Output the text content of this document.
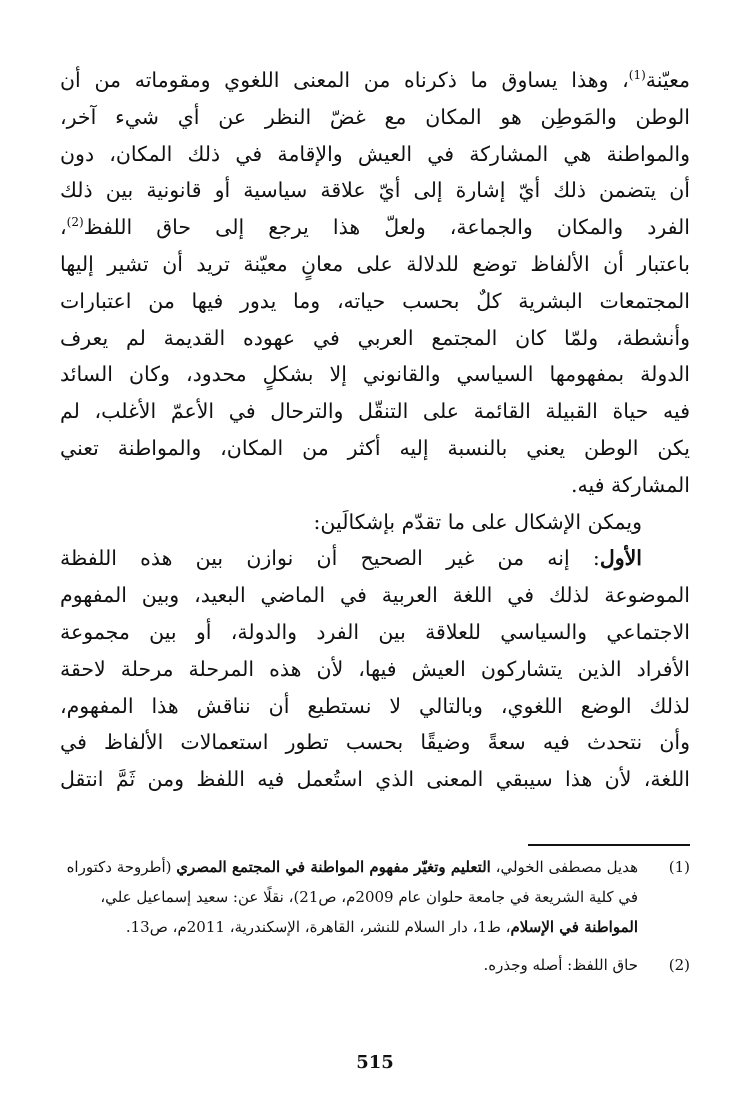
معيّنة$^{(1)}$، وهذا يساوق ما ذكرناه من المعنى اللغوي ومقوماته من أن
الوطن والمَوطِن هو المكان مع غضّ النظر عن أي شيء آخر،
والمواطنة هي المشاركة في العيش والإقامة في ذلك المكان، دون
أن يتضمن ذلك أيّ إشارة إلى أيّ علاقة سياسية أو قانونية بين ذلك
الفرد والمكان والجماعة، ولعلّ هذا يرجع إلى حاق اللفظ$^{(2)}$،
باعتبار أن الألفاظ توضع للدلالة على معانٍ معيّنة تريد أن تشير إليها
المجتمعات البشرية كلٌ بحسب حياته، وما يدور فيها من اعتبارات
وأنشطة، ولمّا كان المجتمع العربي في عهوده القديمة لم يعرف
الدولة بمفهومها السياسي والقانوني إلا بشكلٍ محدود، وكان السائد
فيه حياة القبيلة القائمة على التنقّل والترحال في الأعمّ الأغلب، لم
يكن الوطن يعني بالنسبة إليه أكثر من المكان، والمواطنة تعني
المشاركة فيه.
ويمكن الإشكال على ما تقدّم بإشكالَين:
الأول: إنه من غير الصحيح أن نوازن بين هذه اللفظة
الموضوعة لذلك في اللغة العربية في الماضي البعيد، وبين المفهوم
الاجتماعي والسياسي للعلاقة بين الفرد والدولة، أو بين مجموعة
الأفراد الذين يتشاركون العيش فيها، لأن هذه المرحلة مرحلة لاحقة
لذلك الوضع اللغوي، وبالتالي لا نستطيع أن نناقش هذا المفهوم،
وأن نتحدث فيه سعةً وضيقًا بحسب تطور استعمالات الألفاظ في
اللغة، لأن هذا سيبقي المعنى الذي استُعمل فيه اللفظ ومن ثَمَّ انتقل
(1)
هديل مصطفى الخولي، التعليم وتغيّر مفهوم المواطنة في المجتمع المصري (أطروحة دكتوراه في كلية الشريعة في جامعة حلوان عام 2009م، ص21)، نقلًا عن: سعيد إسماعيل علي، المواطنة في الإسلام، ط1، دار السلام للنشر، القاهرة، الإسكندرية، 2011م، ص13.
(2)
حاق اللفظ: أصله وجذره.
515
